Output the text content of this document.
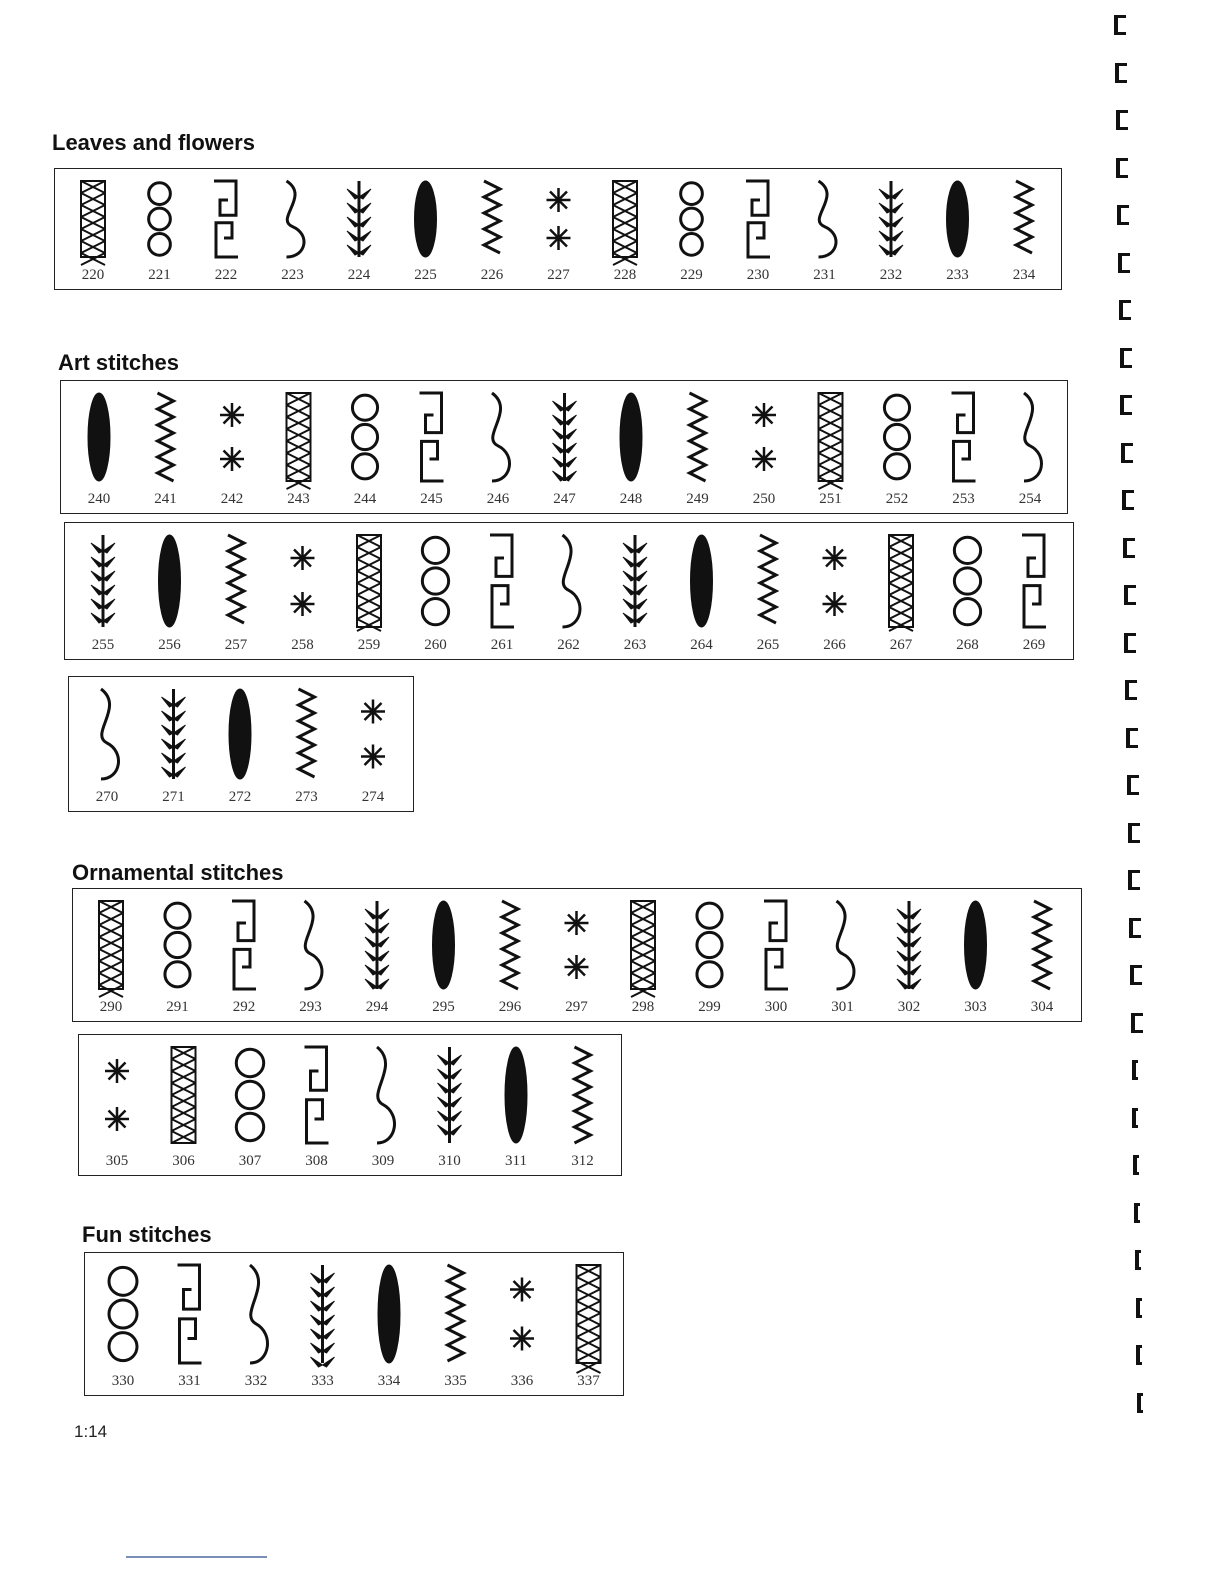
Leaves and flowers
Art stitches
Ornamental stitches
Fun stitches
220	221	222	223	224	225	226	227	228	229	230	231	232	233	234
240	241	242	243	244	245	246	247	248	249	250	251	252	253	254
255	256	257	258	259	260	261	262	263	264	265	266	267	268	269
270	271	272	273	274
290	291	292	293	294	295	296	297	298	299	300	301	302	303	304
305	306	307	308	309	310	311	312
330	331	332	333	334	335	336	337
1:14
